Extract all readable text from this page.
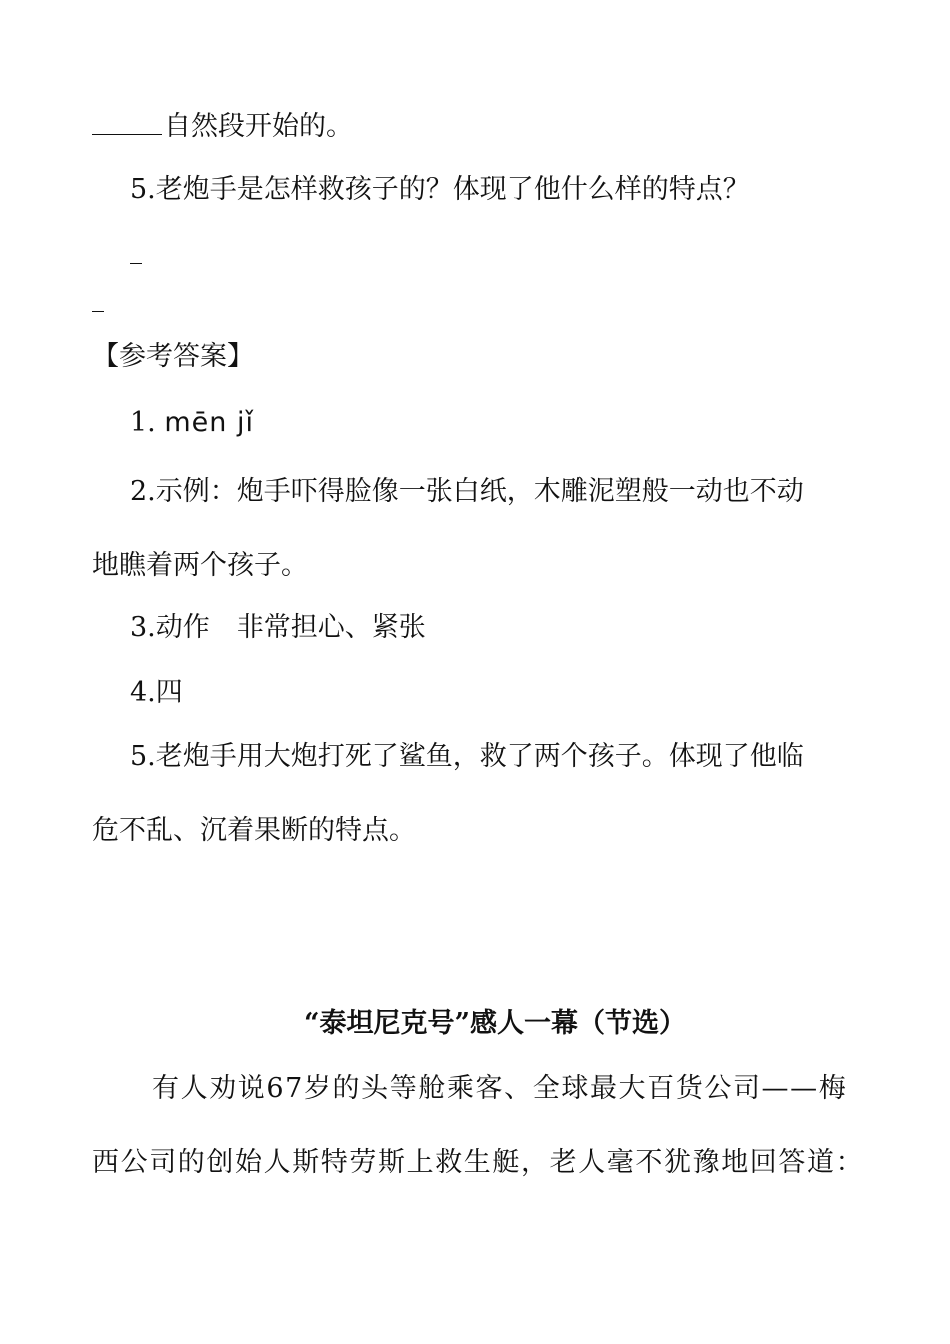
自然段开始的。
5.老炮手是怎样救孩子的？体现了他什么样的特点？
【参考答案】
1. mēn jǐ
2.示例：炮手吓得脸像一张白纸，木雕泥塑般一动也不动
地瞧着两个孩子。
3.动作　非常担心、紧张
4.四
5.老炮手用大炮打死了鲨鱼，救了两个孩子。体现了他临
危不乱、沉着果断的特点。
“泰坦尼克号”感人一幕（节选）
有人劝说67岁的头等舱乘客、全球最大百货公司——梅
西公司的创始人斯特劳斯上救生艇，老人毫不犹豫地回答道：
